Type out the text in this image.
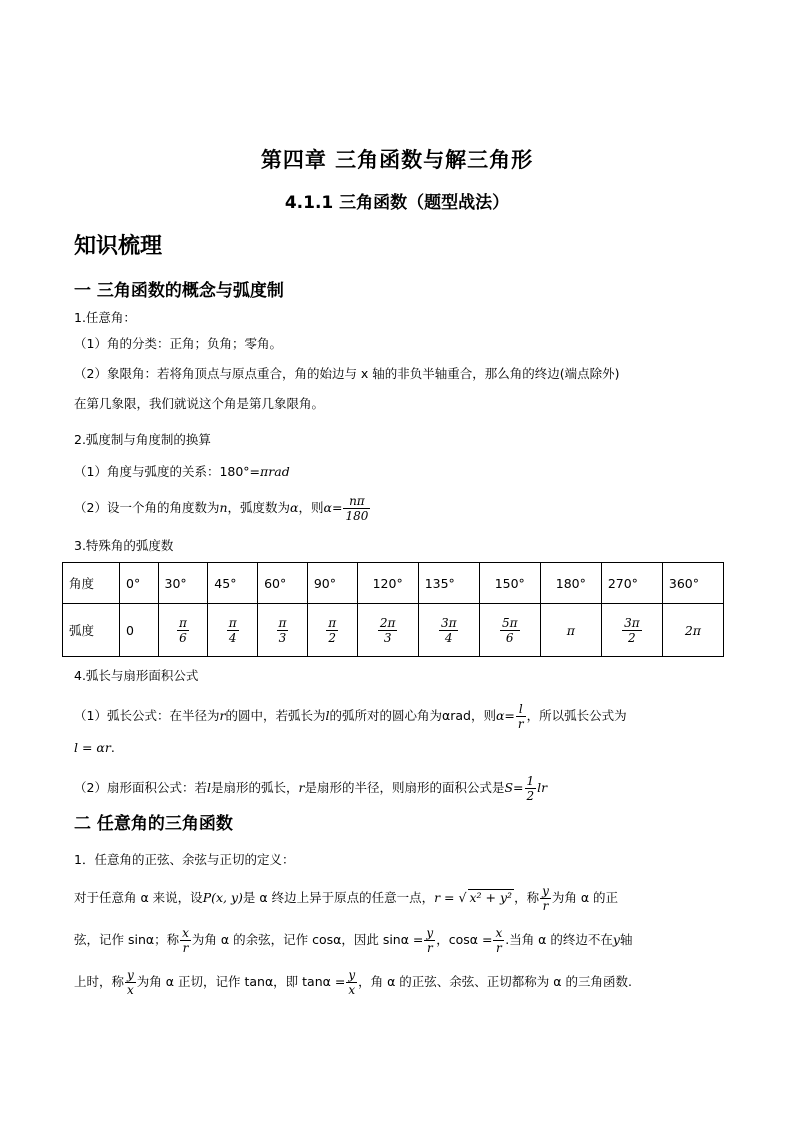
第四章 三角函数与解三角形
4.1.1 三角函数（题型战法）
知识梳理
一 三角函数的概念与弧度制
1.任意角：
（1）角的分类：正角；负角；零角。
（2）象限角：若将角顶点与原点重合，角的始边与 x 轴的非负半轴重合，那么角的终边(端点除外)
在第几象限，我们就说这个角是第几象限角。
2.弧度制与角度制的换算
（1）角度与弧度的关系：180°=πrad
（2）设一个角的角度数为n，弧度数为α，则$\alpha= \frac{n\pi}{180}$
3.特殊角的弧度数
角度	0°	30°	45°	60°	90°	120°	135°	150°	180°	270°	360°
弧度	0	$\frac{\pi}{6}$	$\frac{\pi}{4}$	$\frac{\pi}{3}$	$\frac{\pi}{2}$	$\frac{2\pi}{3}$	$\frac{3\pi}{4}$	$\frac{5\pi}{6}$	π	$\frac{3\pi}{2}$	2π
4.弧长与扇形面积公式
（1）弧长公式：在半径为r的圆中，若弧长为l的弧所对的圆心角为αrad，则$\alpha= \frac{l}{r}$ ，所以弧长公式为
l = αr.
（2）扇形面积公式：若l是扇形的弧长，r是扇形的半径，则扇形的面积公式是$S= \frac{1}{2}$ lr
二 任意角的三角函数
1．任意角的正弦、余弦与正切的定义：
对于任意角 α 来说，设P(x, y)是 α 终边上异于原点的任意一点，r = √ x² + y² ，称 $\frac{y}{r}$ 为角 α 的正
弦，记作 sinα；称 $\frac{x}{r}$ 为角 α 的余弦，记作 cosα，因此 $\sin\alpha = \frac{y}{r}$ ，$\cos\alpha = \frac{x}{r}$ .当角 α 的终边不在y轴
上时，称 $\frac{y}{x}$ 为角 α 正切，记作 tanα，即 $\tan\alpha = \frac{y}{x}$ ，角 α 的正弦、余弦、正切都称为 α 的三角函数.
